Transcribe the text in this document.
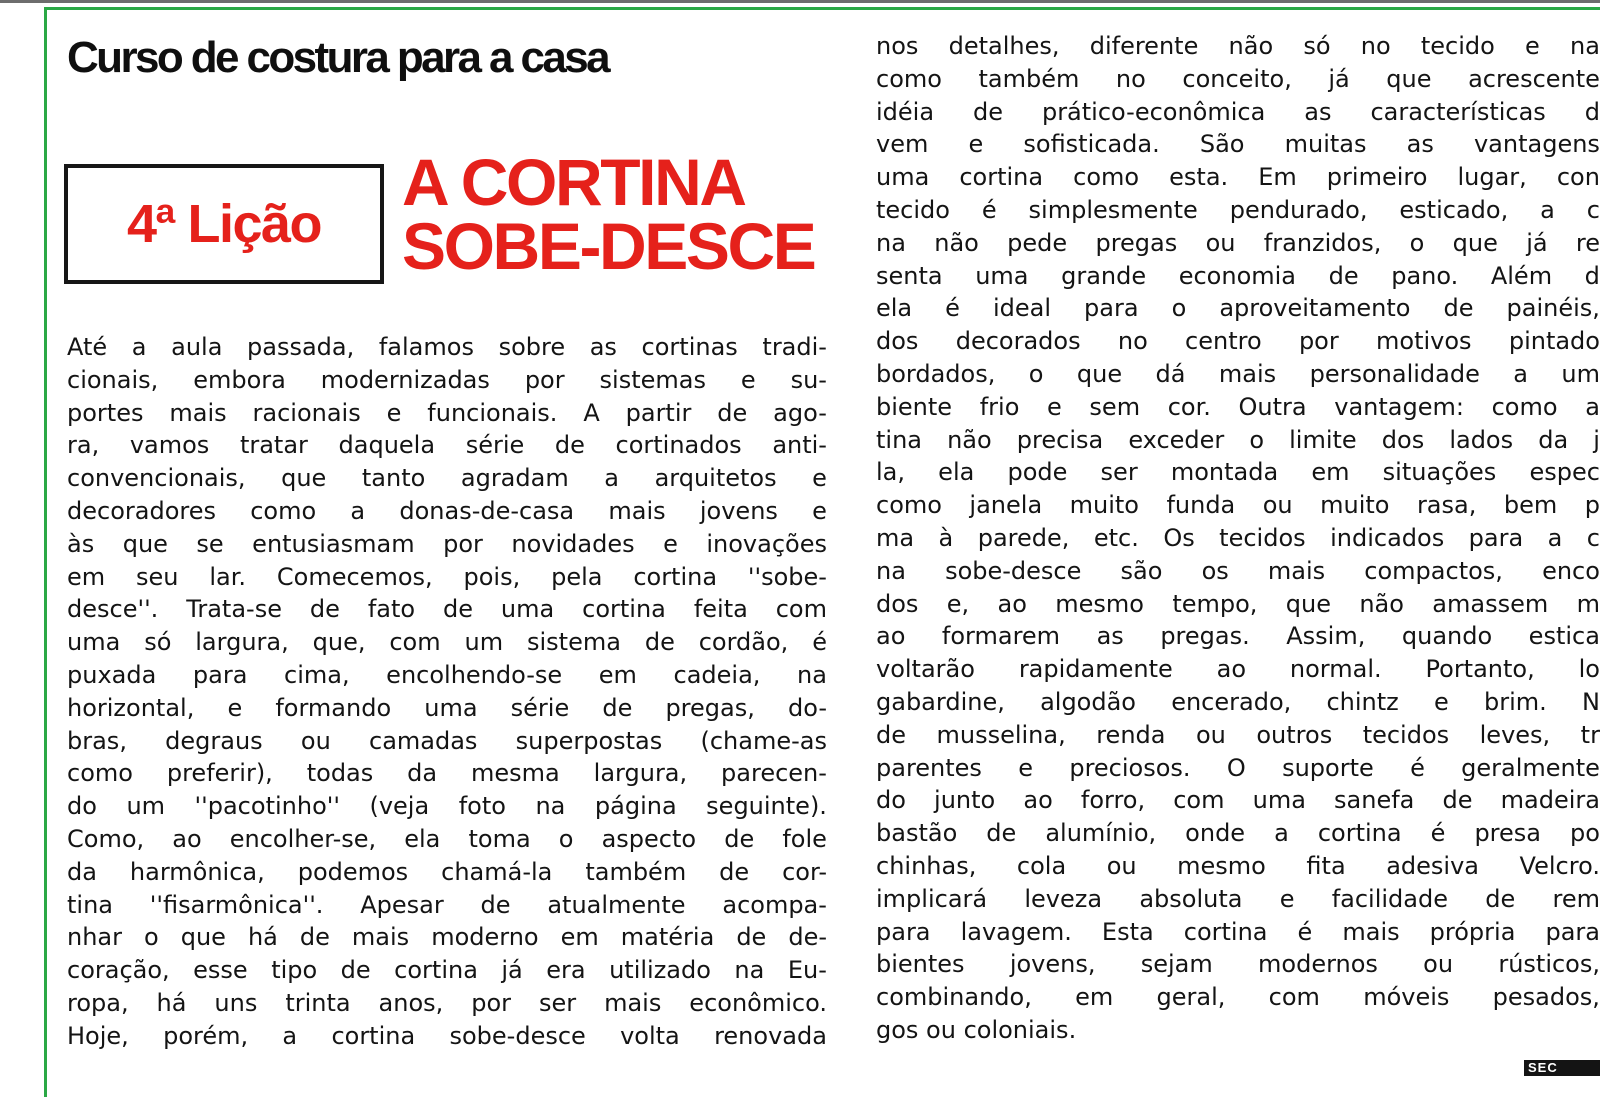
Curso de costura para a casa
4ª Lição
A CORTINA
SOBE-DESCE
Até a aula passada, falamos sobre as cortinas tradi-
cionais, embora modernizadas por sistemas e su-
portes mais racionais e funcionais. A partir de ago-
ra, vamos tratar daquela série de cortinados anti-
convencionais, que tanto agradam a arquitetos e
decoradores como a donas-de-casa mais jovens e
às que se entusiasmam por novidades e inovações
em seu lar. Comecemos, pois, pela cortina ''sobe-
desce''. Trata-se de fato de uma cortina feita com
uma só largura, que, com um sistema de cordão, é
puxada para cima, encolhendo-se em cadeia, na
horizontal, e formando uma série de pregas, do-
bras, degraus ou camadas superpostas (chame-as
como preferir), todas da mesma largura, parecen-
do um ''pacotinho'' (veja foto na página seguinte).
Como, ao encolher-se, ela toma o aspecto de fole
da harmônica, podemos chamá-la também de cor-
tina ''fisarmônica''. Apesar de atualmente acompa-
nhar o que há de mais moderno em matéria de de-
coração, esse tipo de cortina já era utilizado na Eu-
ropa, há uns trinta anos, por ser mais econômico.
Hoje, porém, a cortina sobe-desce volta renovada
nos detalhes, diferente não só no tecido e na
como também no conceito, já que acrescente
idéia de prático-econômica as características d
vem e sofisticada. São muitas as vantagens
uma cortina como esta. Em primeiro lugar, con
tecido é simplesmente pendurado, esticado, a c
na não pede pregas ou franzidos, o que já re
senta uma grande economia de pano. Além d
ela é ideal para o aproveitamento de painéis,
dos decorados no centro por motivos pintado
bordados, o que dá mais personalidade a um
biente frio e sem cor. Outra vantagem: como a
tina não precisa exceder o limite dos lados da j
la, ela pode ser montada em situações espec
como janela muito funda ou muito rasa, bem p
ma à parede, etc. Os tecidos indicados para a c
na sobe-desce são os mais compactos, enco
dos e, ao mesmo tempo, que não amassem m
ao formarem as pregas. Assim, quando estica
voltarão rapidamente ao normal. Portanto, lo
gabardine, algodão encerado, chintz e brim. N
de musselina, renda ou outros tecidos leves, tr
parentes e preciosos. O suporte é geralmente
do junto ao forro, com uma sanefa de madeira
bastão de alumínio, onde a cortina é presa po
chinhas, cola ou mesmo fita adesiva Velcro.
implicará leveza absoluta e facilidade de rem
para lavagem. Esta cortina é mais própria para
bientes jovens, sejam modernos ou rústicos,
combinando, em geral, com móveis pesados,
gos ou coloniais.
SEC
